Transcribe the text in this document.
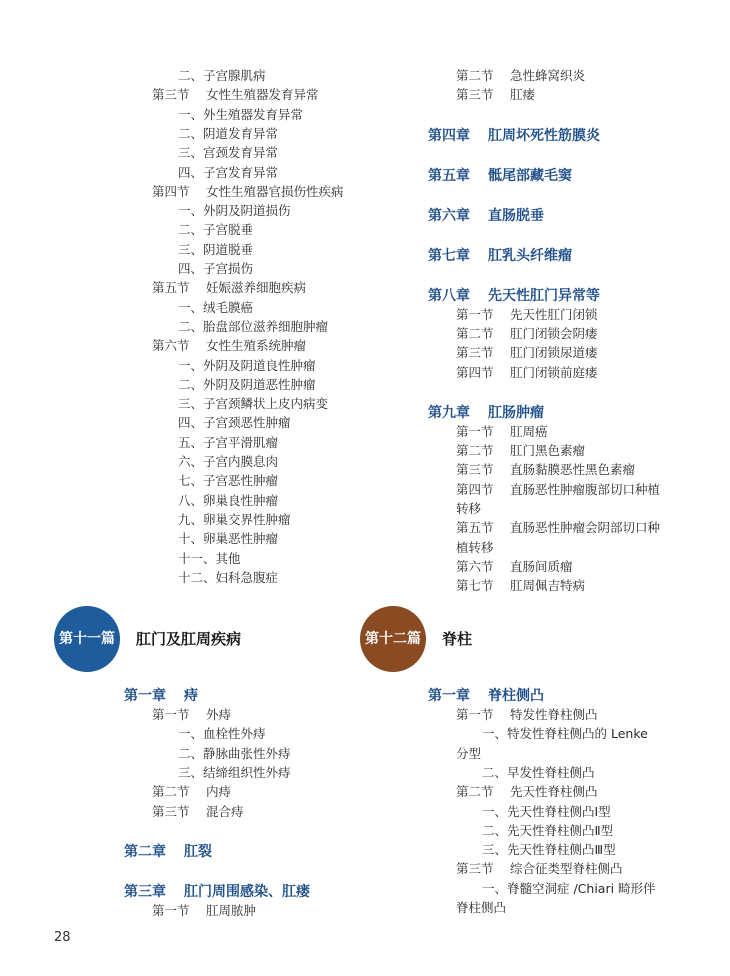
二、子宫腺肌病
第三节 女性生殖器发育异常
一、外生殖器发育异常
二、阴道发育异常
三、宫颈发育异常
四、子宫发育异常
第四节 女性生殖器官损伤性疾病
一、外阴及阴道损伤
二、子宫脱垂
三、阴道脱垂
四、子宫损伤
第五节 妊娠滋养细胞疾病
一、绒毛膜癌
二、胎盘部位滋养细胞肿瘤
第六节 女性生殖系统肿瘤
一、外阴及阴道良性肿瘤
二、外阴及阴道恶性肿瘤
三、子宫颈鳞状上皮内病变
四、子宫颈恶性肿瘤
五、子宫平滑肌瘤
六、子宫内膜息肉
七、子宫恶性肿瘤
八、卵巢良性肿瘤
九、卵巢交界性肿瘤
十、卵巢恶性肿瘤
十一、其他
十二、妇科急腹症
第二节 急性蜂窝织炎
第三节 肛瘘
第四章 肛周坏死性筋膜炎
第五章 骶尾部藏毛窦
第六章 直肠脱垂
第七章 肛乳头纤维瘤
第八章 先天性肛门异常等
第一节 先天性肛门闭锁
第二节 肛门闭锁会阴瘘
第三节 肛门闭锁尿道瘘
第四节 肛门闭锁前庭瘘
第九章 肛肠肿瘤
第一节 肛周癌
第二节 肛门黑色素瘤
第三节 直肠黏膜恶性黑色素瘤
第四节 直肠恶性肿瘤腹部切口种植
转移
第五节 直肠恶性肿瘤会阴部切口种
植转移
第六节 直肠间质瘤
第七节 肛周佩吉特病
第十一篇	肛门及肛周疾病	第十二篇	脊柱
第一章 痔
第一节 外痔
一、血栓性外痔
二、静脉曲张性外痔
三、结缔组织性外痔
第二节 内痔
第三节 混合痔
第二章 肛裂
第三章 肛门周围感染、肛瘘
第一节 肛周脓肿
第一章 脊柱侧凸
第一节 特发性脊柱侧凸
一、特发性脊柱侧凸的 Lenke
分型
二、早发性脊柱侧凸
第二节 先天性脊柱侧凸
一、先天性脊柱侧凸Ⅰ型
二、先天性脊柱侧凸Ⅱ型
三、先天性脊柱侧凸Ⅲ型
第三节 综合征类型脊柱侧凸
一、脊髓空洞症 /Chiari 畸形伴
脊柱侧凸
28
